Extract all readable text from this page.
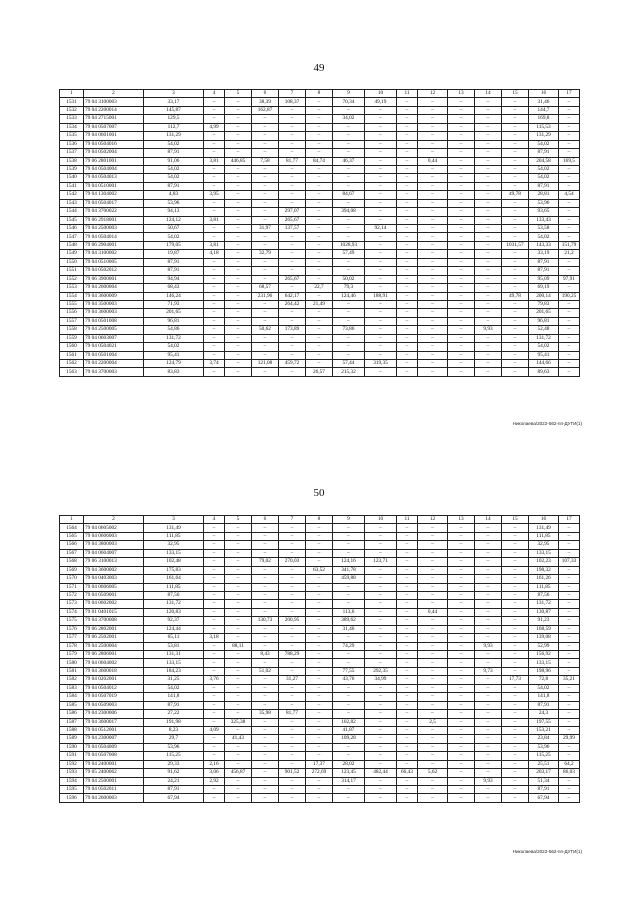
49
1	2	3	4	5	6	7	8	9	10	11	12	13	14	15	16	17
1531	79 04 3100003	33,17	–	–	38,39	108,37	–	70,34	49,19	–	–	–	–	–	31,46	–
1532	79 04 2200014	145,87	–	–	162,87	–	–	–	–	–	–	–	–	–	144,7	–
1533	79 04 2715001	129,5	–	–	–	–	–	34,02	–	–	–	–	–	–	169,8	–
1534	79 04 0507007	112,7	4,99	–	–	–	–	–	–	–	–	–	–	–	115,53	–
1535	79 04 0601001	131,29	–	–	–	–	–	–	–	–	–	–	–	–	131,29	–
1536	79 04 0504016	54,02	–	–	–	–	–	–	–	–	–	–	–	–	54,02	–
1537	79 04 0502004	87,91	–	–	–	–	–	–	–	–	–	–	–	–	87,91	–
1538	79 06 2801001	91,06	3,81	446,85	7,58	81,77	84,74	46,37	–	–	0,44	–	–	–	204,58	169,5
1539	79 04 0504004	54,02	–	–	–	–	–	–	–	–	–	–	–	–	54,02	–
1540	79 04 0504013	54,02	–	–	–	–	–	–	–	–	–	–	–	–	54,02	–
1541	79 04 0510001	87,91	–	–	–	–	–	–	–	–	–	–	–	–	87,91	–
1542	79 04 1304002	4,83	3,95	–	–	–	–	84,67	–	–	–	–	–	49,78	28,81	4,54
1543	79 04 0504017	53,96	–	–	–	–	–	–	–	–	–	–	–	–	53,96	–
1544	79 04 3700022	94,13	–	–	–	297,07	–	394,08	–	–	–	–	–	–	93,65	–
1545	79 06 2918001	124,12	3,81	–	–	265,67	–	–	–	–	–	–	–	–	133,43	–
1546	79 04 2500003	50,67	–	–	31,97	137,57	–	–	92,14	–	–	–	–	–	53,58	–
1547	79 04 0504014	54,02	–	–	–	–	–	–	–	–	–	–	–	–	54,02	–
1548	79 06 2904001	179,05	3,81	–	–	–	–	1028,93	–	–	–	–	–	1031,57	143,33	151,79
1549	79 04 3100002	19,87	4,18	–	32,79	–	–	57,49	–	–	–	–	–	–	33,19	21,2
1550	79 04 0510005	87,91	–	–	–	–	–	–	–	–	–	–	–	–	87,91	–
1551	79 04 0502012	87,91	–	–	–	–	–	–	–	–	–	–	–	–	87,91	–
1552	79 06 3900001	94,94	–	–	–	265,67	–	50,02	–	–	–	–	–	–	95,09	97,91
1553	79 04 2600004	68,43	–	–	68,57	–	22,7	79,3	–	–	–	–	–	–	69,19	–
1554	79 04 3600009	146,24	–	–	231,96	642,17	–	124,46	188,91	–	–	–	–	49,78	200,14	190,25
1555	79 04 3500003	71,93	–	–	–	264,42	21,49	–	–	–	–	–	–	–	79,83	–
1556	79 04 3600003	201,65	–	–	–	–	–	–	–	–	–	–	–	–	201,65	–
1557	79 04 0501008	96,81	–	–	–	–	–	–	–	–	–	–	–	–	96,81	–
1558	79 04 2500005	54,86	–	–	50,62	173,89	–	73,86	–	–	–	–	9,93	–	52,48	–
1559	79 04 0603007	131,72	–	–	–	–	–	–	–	–	–	–	–	–	131,72	–
1560	79 04 0504021	54,02	–	–	–	–	–	–	–	–	–	–	–	–	54,02	–
1561	79 04 0501004	95,41	–	–	–	–	–	–	–	–	–	–	–	–	95,41	–
1562	79 04 2200004	124,79	3,74	–	121,08	459,72	–	57,44	319,35	–	–	–	–	–	144,66	–
1563	79 04 3700003	83,83	–	–	–	–	26,57	215,32	–	–	–	–	–	–	89,63	–
Николаева/2022-562-пп-ДУГИ(1)
50
1	2	3	4	5	6	7	8	9	10	11	12	13	14	15	16	17
1564	79 04 0605002	131,49	–	–	–	–	–	–	–	–	–	–	–	–	131,49	–
1565	79 04 0606003	111,85	–	–	–	–	–	–	–	–	–	–	–	–	111,85	–
1566	79 04 3800003	32,95	–	–	–	–	–	–	–	–	–	–	–	–	32,95	–
1567	79 04 0604007	133,15	–	–	–	–	–	–	–	–	–	–	–	–	133,15	–
1568	79 06 3100013	102,48	–	–	79,02	270,03	–	124,16	123,71	–	–	–	–	–	102,23	107,33
1569	79 04 3600002	175,83	–	–	–	–	63,52	341,78	–	–	–	–	–	–	198,32	–
1570	79 04 0403003	161,64	–	–	–	–	–	459,88	–	–	–	–	–	–	161,26	–
1571	79 04 0606005	111,85	–	–	–	–	–	–	–	–	–	–	–	–	111,85	–
1572	79 04 0509001	87,56	–	–	–	–	–	–	–	–	–	–	–	–	87,56	–
1573	79 04 0602002	131,72	–	–	–	–	–	–	–	–	–	–	–	–	131,72	–
1574	79 01 0401015	120,83	–	–	–	–	–	113,6	–	–	0,44	–	–	–	130,87	–
1575	79 04 3700008	92,37	–	–	130,73	200,95	–	389,62	–	–	–	–	–	–	91,23	–
1576	79 06 2802001	124,44	–	–	–	–	–	31,46	–	–	–	–	–	–	168,59	–
1577	79 06 2502001	65,11	3,18	–	–	–	–	–	–	–	–	–	–	–	139,08	–
1578	79 04 2500004	53,81	–	88,11	–	–	–	74,29	–	–	–	–	9,93	–	52,99	–
1579	79 06 2806001	131,31	–	–	8,43	788,29	–	–	–	–	–	–	–	–	156,92	–
1580	79 04 0604002	133,15	–	–	–	–	–	–	–	–	–	–	–	–	133,15	–
1581	79 04 3600018	184,23	–	–	51,02	–	–	77,55	292,35	–	–	–	9,73	–	198,96	–
1582	79 04 0202001	31,25	3,76	–	–	31,27	–	43,76	34,99	–	–	–	–	17,73	72,8	35,21
1583	79 04 0504012	54,02	–	–	–	–	–	–	–	–	–	–	–	–	54,02	–
1584	79 04 0507019	141,8	–	–	–	–	–	–	–	–	–	–	–	–	141,8	–
1585	79 04 0509003	87,91	–	–	–	–	–	–	–	–	–	–	–	–	87,91	–
1586	79 04 2300006	27,22	–	–	35,98	81,77	–	–	–	–	–	–	–	–	24,3	–
1587	79 04 3600017	191,98	–	325,38	–	–	–	102,82	–	–	2,5	–	–	–	197,55	–
1588	79 04 0512001	8,23	4,09	–	–	–	–	41,87	–	–	–	–	–	–	153,21	–
1589	79 04 2300007	29,7	–	41,43	–	–	–	109,28	–	–	–	–	–	–	23,84	29,99
1590	79 04 0504009	53,96	–	–	–	–	–	–	–	–	–	–	–	–	53,96	–
1591	79 04 0507008	115,25	–	–	–	–	–	–	–	–	–	–	–	–	115,25	–
1592	79 04 2400001	29,33	2,16	–	–	–	17,37	28,02	–	–	–	–	–	–	25,51	64,2
1593	79 05 2400062	91,62	3,06	456,87	–	901,52	272,69	123,45	482,44	66,43	5,62	–	–	–	203,17	86,03
1594	79 04 2500001	24,21	2,92	–	–	–	–	314,17	–	–	–	–	9,93	–	51,34	–
1595	79 04 0502011	87,91	–	–	–	–	–	–	–	–	–	–	–	–	87,91	–
1596	79 04 2600003	67,94	–	–	–	–	–	–	–	–	–	–	–	–	67,94	–
Николаева/2022-562-пп-ДУГИ(1)
